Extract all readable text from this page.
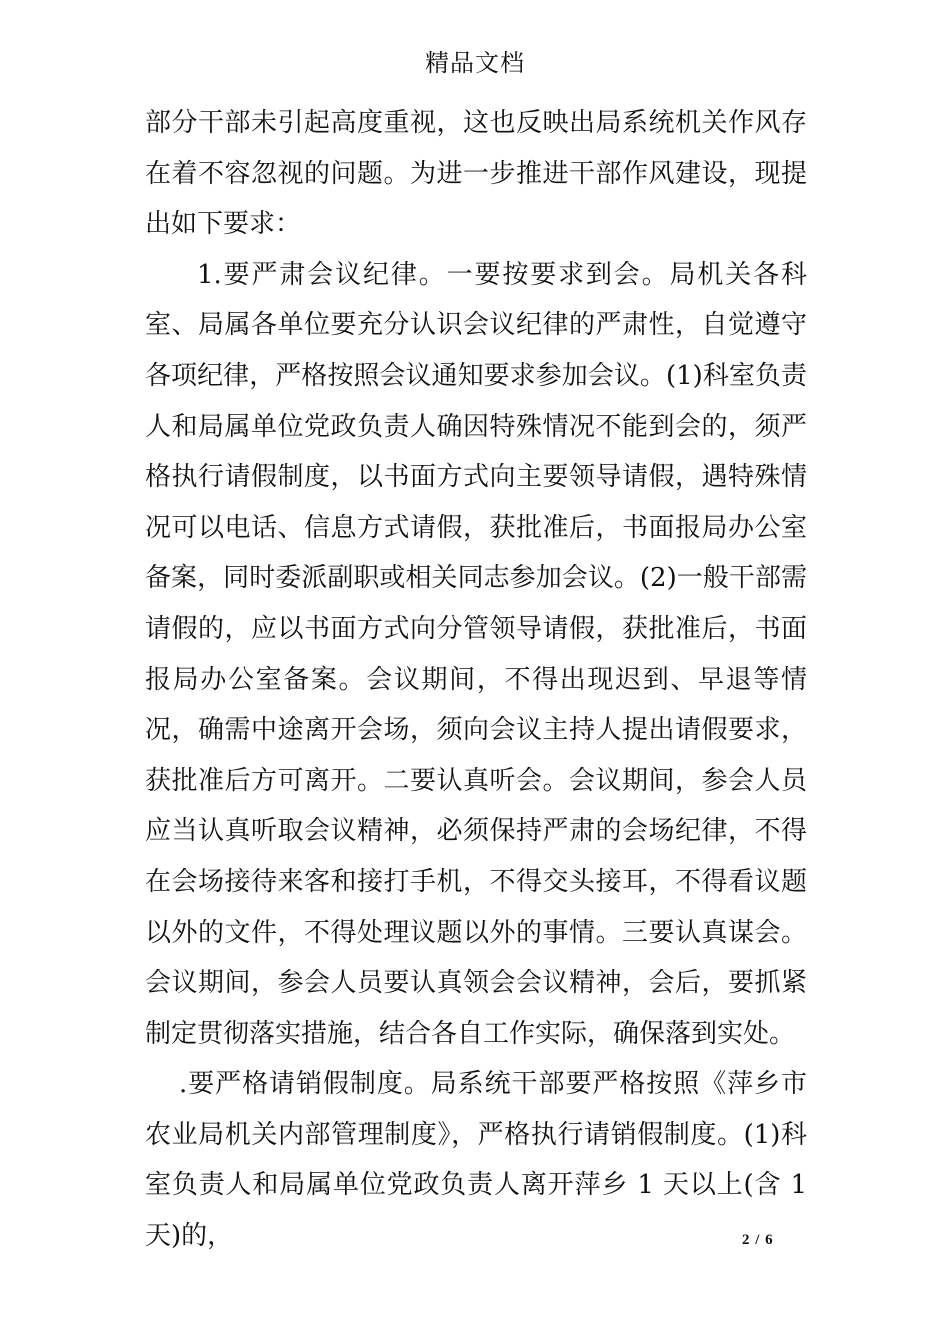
精品文档

部分干部未引起高度重视，这也反映出局系统机关作风存在着不容忽视的问题。为进一步推进干部作风建设，现提出如下要求：

1.要严肃会议纪律。一要按要求到会。局机关各科室、局属各单位要充分认识会议纪律的严肃性，自觉遵守各项纪律，严格按照会议通知要求参加会议。(1)科室负责人和局属单位党政负责人确因特殊情况不能到会的，须严格执行请假制度，以书面方式向主要领导请假，遇特殊情况可以电话、信息方式请假，获批准后，书面报局办公室备案，同时委派副职或相关同志参加会议。(2)一般干部需请假的，应以书面方式向分管领导请假，获批准后，书面报局办公室备案。会议期间，不得出现迟到、早退等情况，确需中途离开会场，须向会议主持人提出请假要求，获批准后方可离开。二要认真听会。会议期间，参会人员应当认真听取会议精神，必须保持严肃的会场纪律，不得在会场接待来客和接打手机，不得交头接耳，不得看议题以外的文件，不得处理议题以外的事情。三要认真谋会。会议期间，参会人员要认真领会会议精神，会后，要抓紧制定贯彻落实措施，结合各自工作实际，确保落到实处。

.要严格请销假制度。局系统干部要严格按照《萍乡市农业局机关内部管理制度》，严格执行请销假制度。(1)科室负责人和局属单位党政负责人离开萍乡 1 天以上(含 1 天)的，	2 / 6
